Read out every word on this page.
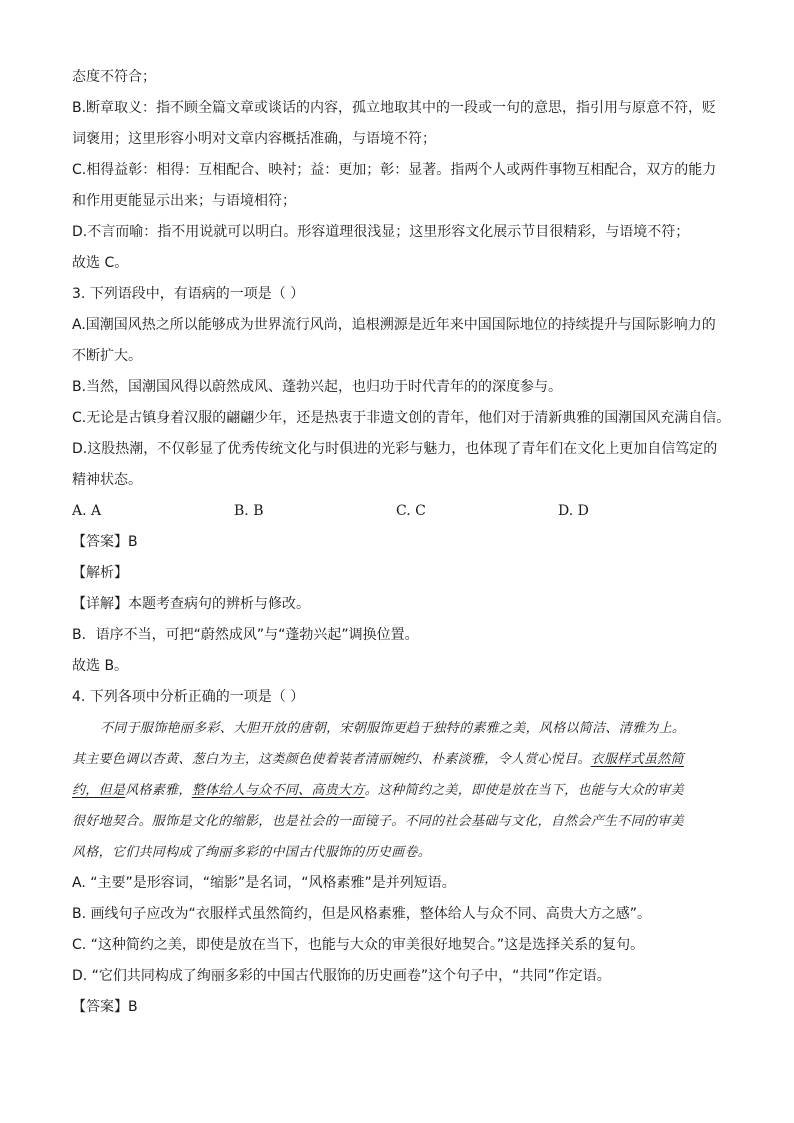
态度不符合；

B.断章取义：指不顾全篇文章或谈话的内容，孤立地取其中的一段或一句的意思，指引用与原意不符，贬

词褒用；这里形容小明对文章内容概括准确，与语境不符；

C.相得益彰：相得：互相配合、映衬；益：更加；彰：显著。指两个人或两件事物互相配合，双方的能力

和作用更能显示出来；与语境相符；

D.不言而喻：指不用说就可以明白。形容道理很浅显；这里形容文化展示节目很精彩，与语境不符；

故选 C。

3. 下列语段中，有语病的一项是（ ）

A.国潮国风热之所以能够成为世界流行风尚，追根溯源是近年来中国国际地位的持续提升与国际影响力的

不断扩大。

B.当然，国潮国风得以蔚然成风、蓬勃兴起，也归功于时代青年的的深度参与。

C.无论是古镇身着汉服的翩翩少年，还是热衷于非遗文创的青年，他们对于清新典雅的国潮国风充满自信。

D.这股热潮，不仅彰显了优秀传统文化与时俱进的光彩与魅力，也体现了青年们在文化上更加自信笃定的

精神状态。

A. A	B. B	C. C	D. D

【答案】B

【解析】

【详解】本题考查病句的辨析与修改。

B．语序不当，可把“蔚然成风”与“蓬勃兴起”调换位置。

故选 B。

4. 下列各项中分析正确的一项是（ ）

不同于服饰艳丽多彩、大胆开放的唐朝，宋朝服饰更趋于独特的素雅之美，风格以简洁、清雅为上。

其主要色调以杏黄、葱白为主，这类颜色使着装者清丽婉约、朴素淡雅，令人赏心悦目。衣服样式虽然简

约，但是风格素雅，整体给人与众不同、高贵大方。这种简约之美，即使是放在当下，也能与大众的审美

很好地契合。服饰是文化的缩影，也是社会的一面镜子。不同的社会基础与文化，自然会产生不同的审美

风格，它们共同构成了绚丽多彩的中国古代服饰的历史画卷。

A. “主要”是形容词，“缩影”是名词，“风格素雅”是并列短语。

B. 画线句子应改为“衣服样式虽然简约，但是风格素雅，整体给人与众不同、高贵大方之感”。

C. “这种简约之美，即使是放在当下，也能与大众的审美很好地契合。”这是选择关系的复句。

D. “它们共同构成了绚丽多彩的中国古代服饰的历史画卷”这个句子中，“共同”作定语。

【答案】B
